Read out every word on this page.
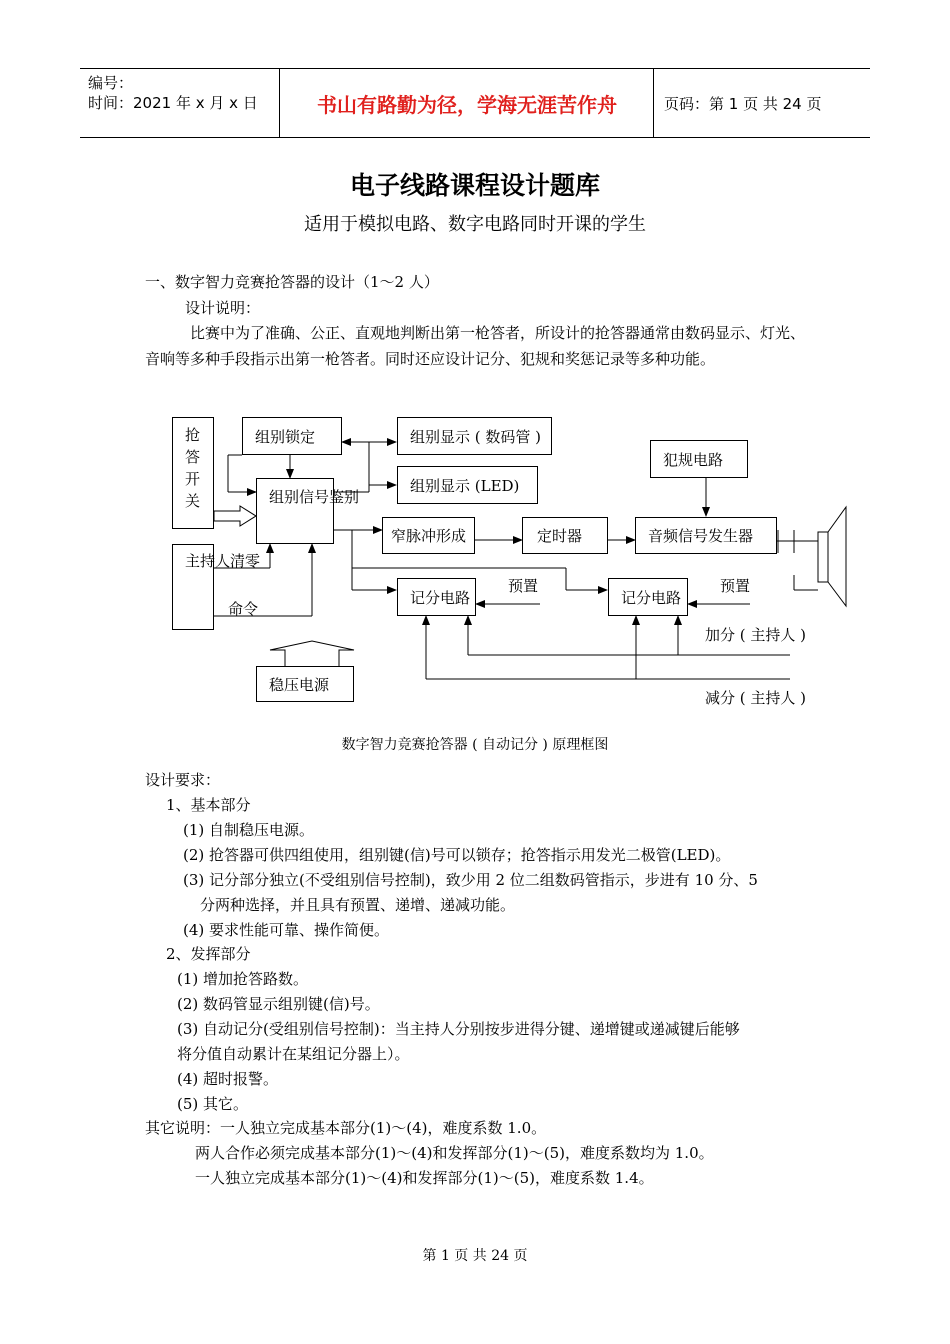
编号：
时间：2021 年 x 月 x 日	书山有路勤为径，学海无涯苦作舟	页码：第 1 页 共 24 页
电子线路课程设计题库
适用于模拟电路、数字电路同时开课的学生
一、数字智力竞赛抢答器的设计（1～2 人）
设计说明：
比赛中为了准确、公正、直观地判断出第一枪答者，所设计的抢答器通常由数码显示、灯光、音响等多种手段指示出第一枪答者。同时还应设计记分、犯规和奖惩记录等多种功能。
抢答开关
组别锁定	组别显示 ( 数码管 )
组别显示 (LED)
组别信号鉴别
犯规电路
窄脉冲形成	定时器	音频信号发生器
主持人清零
命令
记分电路	记分电路
预置	预置
加分 ( 主持人 )
减分 ( 主持人 )
稳压电源
数字智力竞赛抢答器 ( 自动记分 ) 原理框图
设计要求：
1、基本部分
(1) 自制稳压电源。
(2) 抢答器可供四组使用，组别键(信)号可以锁存；抢答指示用发光二极管(LED)。
(3) 记分部分独立(不受组别信号控制)，致少用 2 位二组数码管指示，步进有 10 分、5
分两种选择，并且具有预置、递增、递减功能。
(4) 要求性能可靠、操作简便。
2、发挥部分
(1) 增加抢答路数。
(2) 数码管显示组别键(信)号。
(3) 自动记分(受组别信号控制)：当主持人分别按步进得分键、递增键或递减键后能够
将分值自动累计在某组记分器上）。
(4) 超时报警。
(5) 其它。
其它说明：一人独立完成基本部分(1)～(4)，难度系数 1.0。
两人合作必须完成基本部分(1)～(4)和发挥部分(1)～(5)，难度系数均为 1.0。
一人独立完成基本部分(1)～(4)和发挥部分(1)～(5)，难度系数 1.4。
第 1 页 共 24 页
